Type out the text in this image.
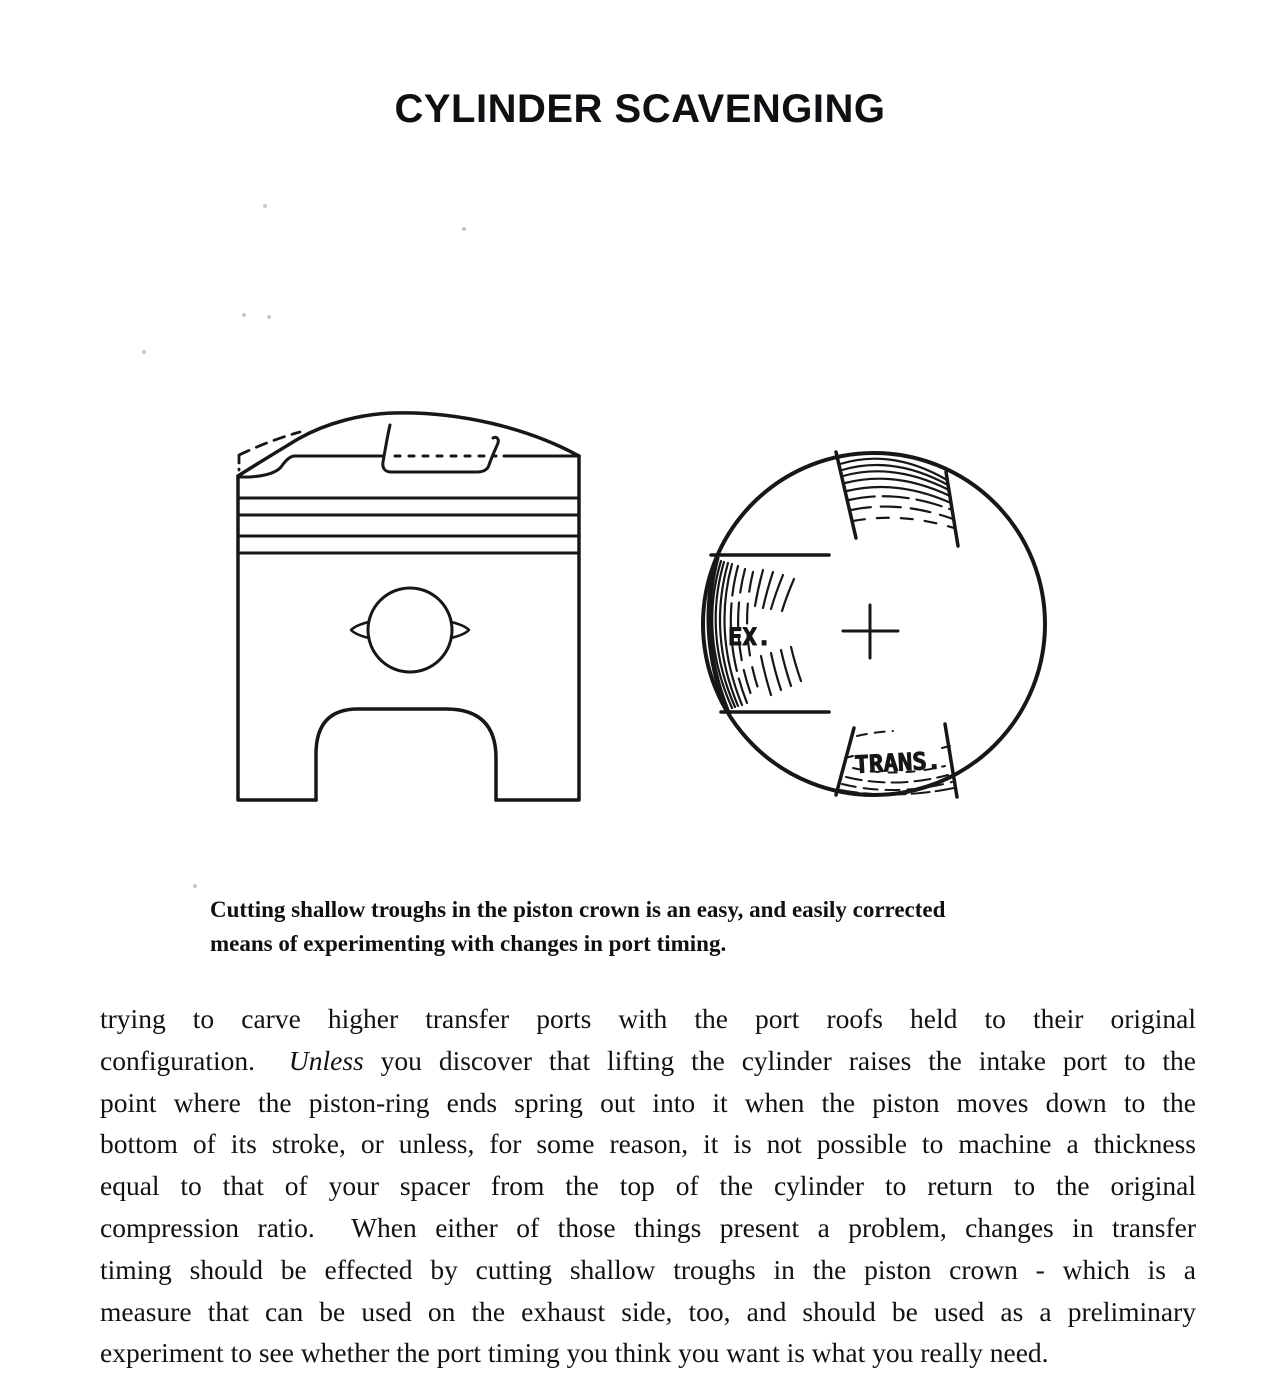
CYLINDER SCAVENGING
EX.
TRANS.
Cutting shallow troughs in the piston crown is an easy, and easily corrected
means of experimenting with changes in port timing.
trying to carve higher transfer ports with the port roofs held to their original
configuration.  Unless you discover that lifting the cylinder raises the intake port to the
point where the piston-ring ends spring out into it when the piston moves down to the
bottom of its stroke, or unless, for some reason, it is not possible to machine a thickness
equal to that of your spacer from the top of the cylinder to return to the original
compression ratio.  When either of those things present a problem, changes in transfer
timing should be effected by cutting shallow troughs in the piston crown - which is a
measure that can be used on the exhaust side, too, and should be used as a preliminary
experiment to see whether the port timing you think you want is what you really need.
